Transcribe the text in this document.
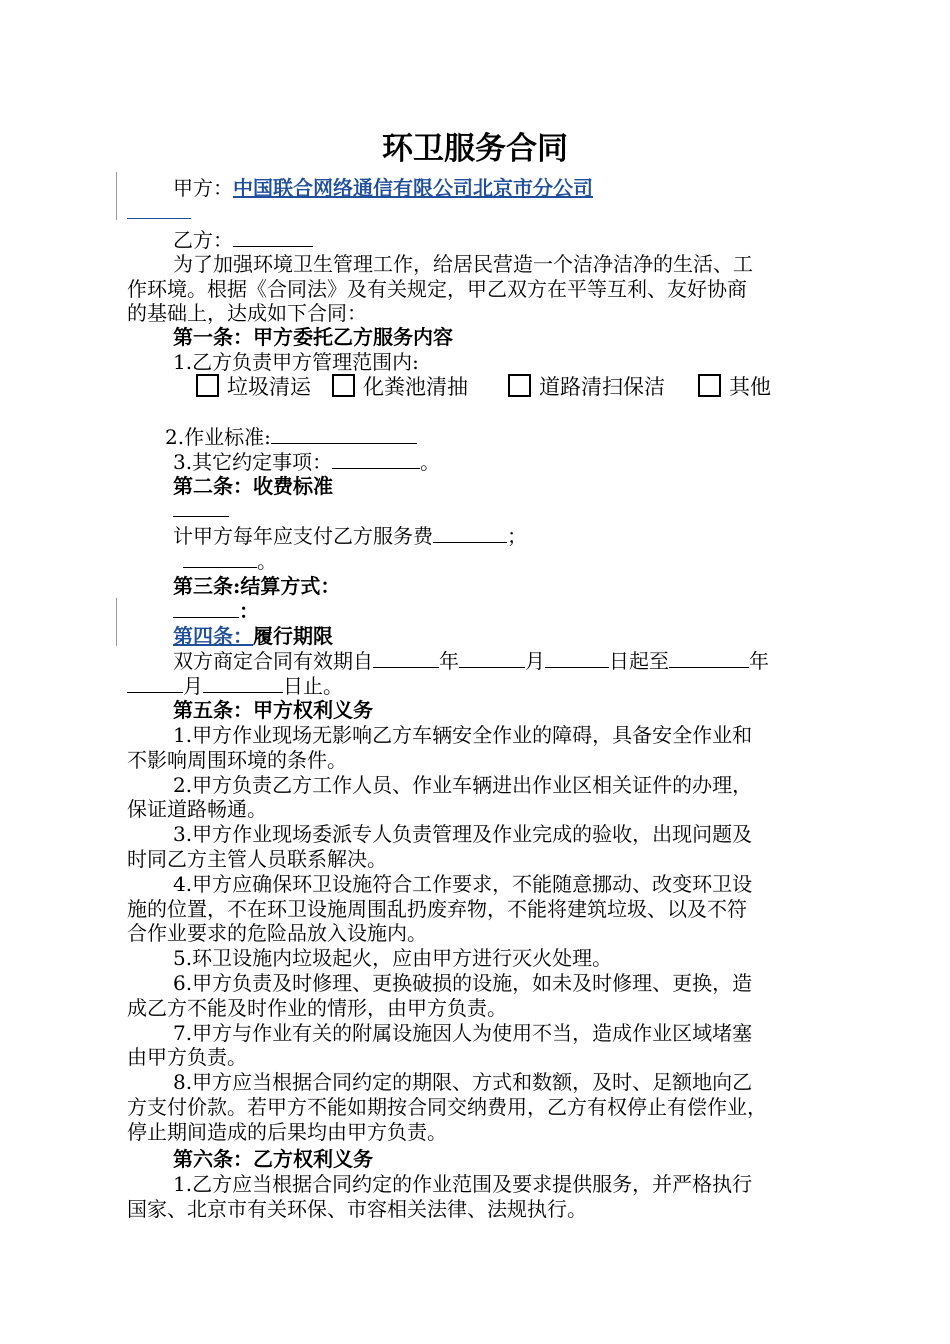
环卫服务合同
甲方：中国联合网络通信有限公司北京市分公司
乙方：
为了加强环境卫生管理工作，给居民营造一个洁净洁净的生活、工
作环境。根据《合同法》及有关规定，甲乙双方在平等互利、友好协商
的基础上，达成如下合同：
第一条：甲方委托乙方服务内容
1.乙方负责甲方管理范围内:
垃圾清运	化粪池清抽	道路清扫保洁	其他
2.作业标准:
3.其它约定事项：	。
第二条：收费标准
计甲方每年应支付乙方服务费	；
。
第三条:结算方式：
：
第四条：履行期限
双方商定合同有效期自	年	月	日起至	年
月	日止。
第五条：甲方权利义务
1.甲方作业现场无影响乙方车辆安全作业的障碍，具备安全作业和
不影响周围环境的条件。
2.甲方负责乙方工作人员、作业车辆进出作业区相关证件的办理，
保证道路畅通。
3.甲方作业现场委派专人负责管理及作业完成的验收，出现问题及
时同乙方主管人员联系解决。
4.甲方应确保环卫设施符合工作要求，不能随意挪动、改变环卫设
施的位置，不在环卫设施周围乱扔废弃物，不能将建筑垃圾、以及不符
合作业要求的危险品放入设施内。
5.环卫设施内垃圾起火，应由甲方进行灭火处理。
6.甲方负责及时修理、更换破损的设施，如未及时修理、更换，造
成乙方不能及时作业的情形，由甲方负责。
7.甲方与作业有关的附属设施因人为使用不当，造成作业区域堵塞
由甲方负责。
8.甲方应当根据合同约定的期限、方式和数额，及时、足额地向乙
方支付价款。若甲方不能如期按合同交纳费用，乙方有权停止有偿作业，
停止期间造成的后果均由甲方负责。
第六条：乙方权利义务
1.乙方应当根据合同约定的作业范围及要求提供服务，并严格执行
国家、北京市有关环保、市容相关法律、法规执行。
